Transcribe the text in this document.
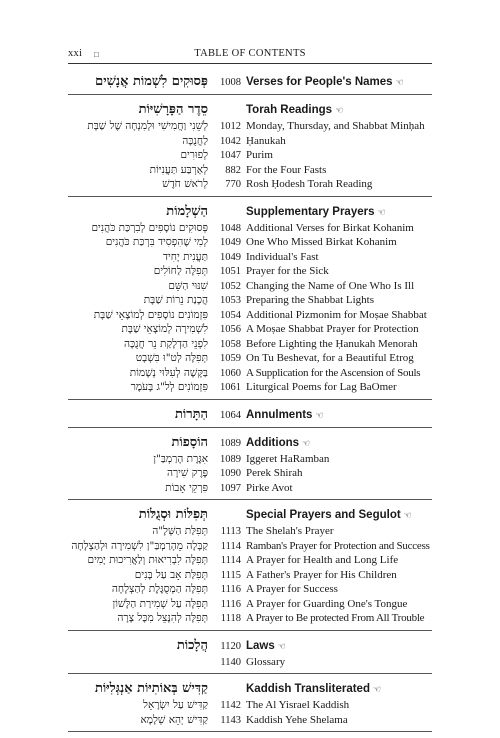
xxi □	TABLE OF CONTENTS
פְּסוּקִים לִשְׁמוֹת אֲנָשִׁים	1008 Verses for People's Names ☜
סֵדֶר הַפָּרָשִׁיּוֹת	Torah Readings ☜
לְשֵׁנִי וַחֲמִישִׁי וּלְמִנְחָה שֶׁל שַׁבָּת	1012 Monday, Thursday, and Shabbat Minḥah
לַחֲנֻכָּה	1042 Ḥanukah
לְפוּרִים	1047 Purim
לְאַרְבַּע תַּעֲנִיּוֹת	882 For the Four Fasts
לְרֹאשׁ חֹדֶשׁ	770 Rosh Ḥodesh Torah Reading
הַשְׁלָמוֹת	Supplementary Prayers ☜
פְּסוּקִים נוֹסָפִים לְבִרְכַּת כֹּהֲנִים	1048 Additional Verses for Birkat Kohanim
לְמִי שֶׁהִפְסִיד בִּרְכַּת כֹּהֲנִים	1049 One Who Missed Birkat Kohanim
תַּעֲנִית יָחִיד	1049 Individual's Fast
תְּפִלָּה לַחוֹלִים	1051 Prayer for the Sick
שִׁנּוּי הַשֵּׁם	1052 Changing the Name of One Who Is Ill
הֲכָנַת נֵרוֹת שַׁבָּת	1053 Preparing the Shabbat Lights
פִּזְמוֹנִים נוֹסָפִים לְמוֹצָאֵי שַׁבָּת	1054 Additional Pizmonim for Moṣae Shabbat
לִשְׁמִירָה לְמוֹצָאֵי שַׁבָּת	1056 A Moṣae Shabbat Prayer for Protection
לִפְנֵי הַדְלָקַת נֵר חֲנֻכָּה	1058 Before Lighting the Ḥanukah Menorah
תְּפִלָּה לְט"וּ בִּשְׁבָט	1059 On Tu Beshevat, for a Beautiful Etrog
בַּקָּשָׁה לְעִלּוּי נְשָׁמוֹת	1060 A Supplication for the Ascension of Souls
פִּזְמוֹנִים לְל"ג בָּעֹמֶר	1061 Liturgical Poems for Lag BaOmer
הַתָּרוֹת	1064 Annulments ☜
הוֹסָפוֹת	1089 Additions ☜
אִגֶּרֶת הָרַמְבַּ"ן	1089 Iggeret HaRamban
פֶּרֶק שִׁירָה	1090 Perek Shirah
פִּרְקֵי אָבוֹת	1097 Pirke Avot
תְּפִלּוֹת וּסְגֻלּוֹת	Special Prayers and Segulot ☜
תְּפִלַּת הַשְּׁלָ"ה	1113 The Shelah's Prayer
קַבָּלָה מֵהָרַמְבַּ"ן לִשְׁמִירָה וּלְהַצְלָחָה	1114 Ramban's Prayer for Protection and Success
תְּפִלָּה לִבְרִיאוּת וְלַאֲרִיכוּת יָמִים	1114 A Prayer for Health and Long Life
תְּפִלַּת אָב עַל בָּנִים	1115 A Father's Prayer for His Children
תְּפִלָּה הַמְסֻגֶּלֶת לְהַצְלָחָה	1116 A Prayer for Success
תְּפִלָּה עַל שְׁמִירַת הַלָּשׁוֹן	1116 A Prayer for Guarding One's Tongue
תְּפִלָּה לְהִנָּצֵל מִכָּל צָרָה	1118 A Prayer to Be protected From All Trouble
הֲלָכוֹת	1120 Laws ☜
1140 Glossary
קַדִּישׁ בְּאוֹתִיּוֹת אַנְגְּלִיּוֹת	Kaddish Transliterated ☜
קַדִּישׁ עַל יִשְׂרָאֵל	1142 The Al Yisrael Kaddish
קַדִּישׁ יְהֵא שְׁלָמָא	1143 Kaddish Yehe Shelama
